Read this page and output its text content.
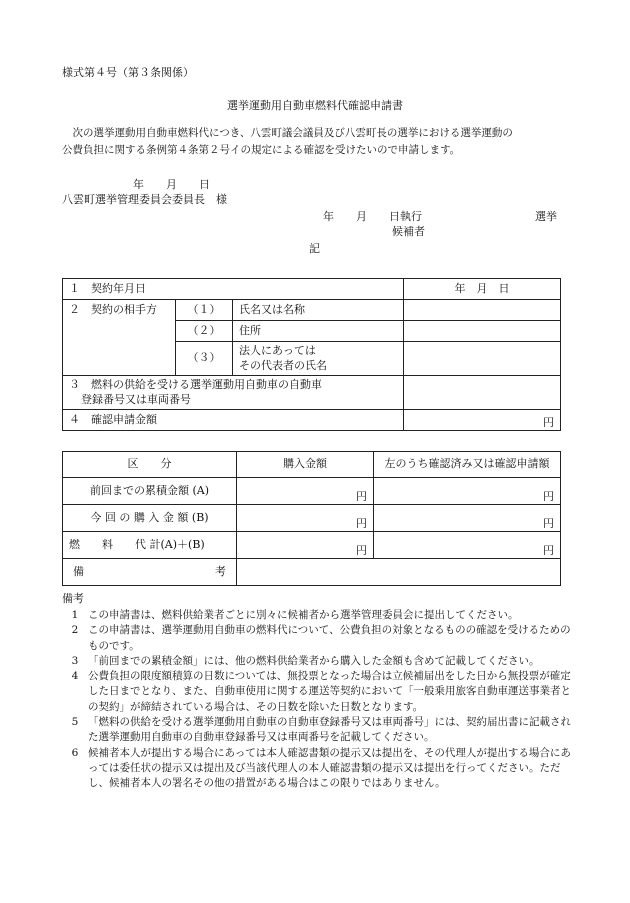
様式第４号（第３条関係）
選挙運動用自動車燃料代確認申請書
　次の選挙運動用自動車燃料代につき、八雲町議会議員及び八雲町長の選挙における選挙運動の
公費負担に関する条例第４条第２号イの規定による確認を受けたいので申請します。
年　　月　　日
八雲町選挙管理委員会委員長　様
年　　月　　日執行	選挙
候補者
記
１　契約年月日			年　月　日
２　契約の相手方	（１）	氏名又は名称	
	（２）	住所	
	（３）	法人にあっては
その代表者の氏名	

３　燃料の供給を受ける選挙運動用自動車の自動車
登録番号又は車両番号			

４　確認申請金額			円
区　　分	購入金額	左のうち確認済み又は確認申請額
前回までの累積金額 (A)	円	円
今 回 の 購 入 金 額 (B)	円	円
燃　　料　　代 計(A)＋(B)	円	円
備 考		

備考
1 この申請書は、燃料供給業者ごとに別々に候補者から選挙管理委員会に提出してください。
2 この申請書は、選挙運動用自動車の燃料代について、公費負担の対象となるものの確認を受けるためのものです。
3 「前回までの累積金額」には、他の燃料供給業者から購入した金額も含めて記載してください。
4 公費負担の限度額積算の日数については、無投票となった場合は立候補届出をした日から無投票が確定した日までとなり、また、自動車使用に関する運送等契約において「一般乗用旅客自動車運送事業者との契約」が締結されている場合は、その日数を除いた日数となります。
5 「燃料の供給を受ける選挙運動用自動車の自動車登録番号又は車両番号」には、契約届出書に記載された選挙運動用自動車の自動車登録番号又は車両番号を記載してください。
6 候補者本人が提出する場合にあっては本人確認書類の提示又は提出を、その代理人が提出する場合にあっては委任状の提示又は提出及び当該代理人の本人確認書類の提示又は提出を行ってください。ただし、候補者本人の署名その他の措置がある場合はこの限りではありません。
